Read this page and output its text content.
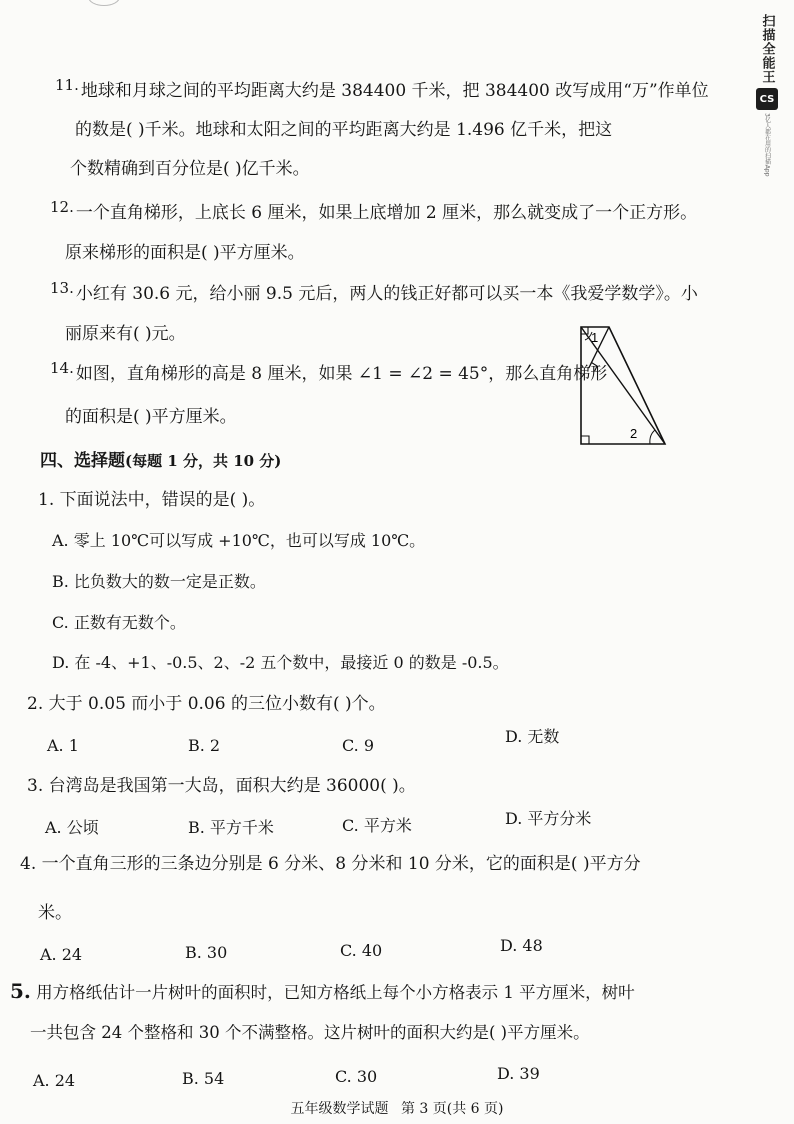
扫描全能王
CS
3亿人都在用的扫描App
11. 地球和月球之间的平均距离大约是 384400 千米，把 384400 改写成用“万”作单位
的数是( )千米。地球和太阳之间的平均距离大约是 1.496 亿千米，把这
个数精确到百分位是( )亿千米。
12. 一个直角梯形，上底长 6 厘米，如果上底增加 2 厘米，那么就变成了一个正方形。
原来梯形的面积是( )平方厘米。
13. 小红有 30.6 元，给小丽 9.5 元后，两人的钱正好都可以买一本《我爱学数学》。小
丽原来有( )元。
14. 如图，直角梯形的高是 8 厘米，如果 ∠1 = ∠2 = 45°，那么直角梯形
的面积是( )平方厘米。
1
2
四、选择题(每题 1 分，共 10 分)
1. 下面说法中，错误的是( )。
A. 零上 10℃可以写成 +10℃，也可以写成 10℃。
B. 比负数大的数一定是正数。
C. 正数有无数个。
D. 在 -4、+1、-0.5、2、-2 五个数中，最接近 0 的数是 -0.5。
2. 大于 0.05 而小于 0.06 的三位小数有( )个。
A. 1	B. 2	C. 9	D. 无数
3. 台湾岛是我国第一大岛，面积大约是 36000( )。
A. 公顷	B. 平方千米	C. 平方米	D. 平方分米
4. 一个直角三形的三条边分别是 6 分米、8 分米和 10 分米，它的面积是( )平方分
米。
A. 24	B. 30	C. 40	D. 48
5. 用方格纸估计一片树叶的面积时，已知方格纸上每个小方格表示 1 平方厘米，树叶
一共包含 24 个整格和 30 个不满整格。这片树叶的面积大约是( )平方厘米。
A. 24	B. 54	C. 30	D. 39
五年级数学试题 第 3 页(共 6 页)
